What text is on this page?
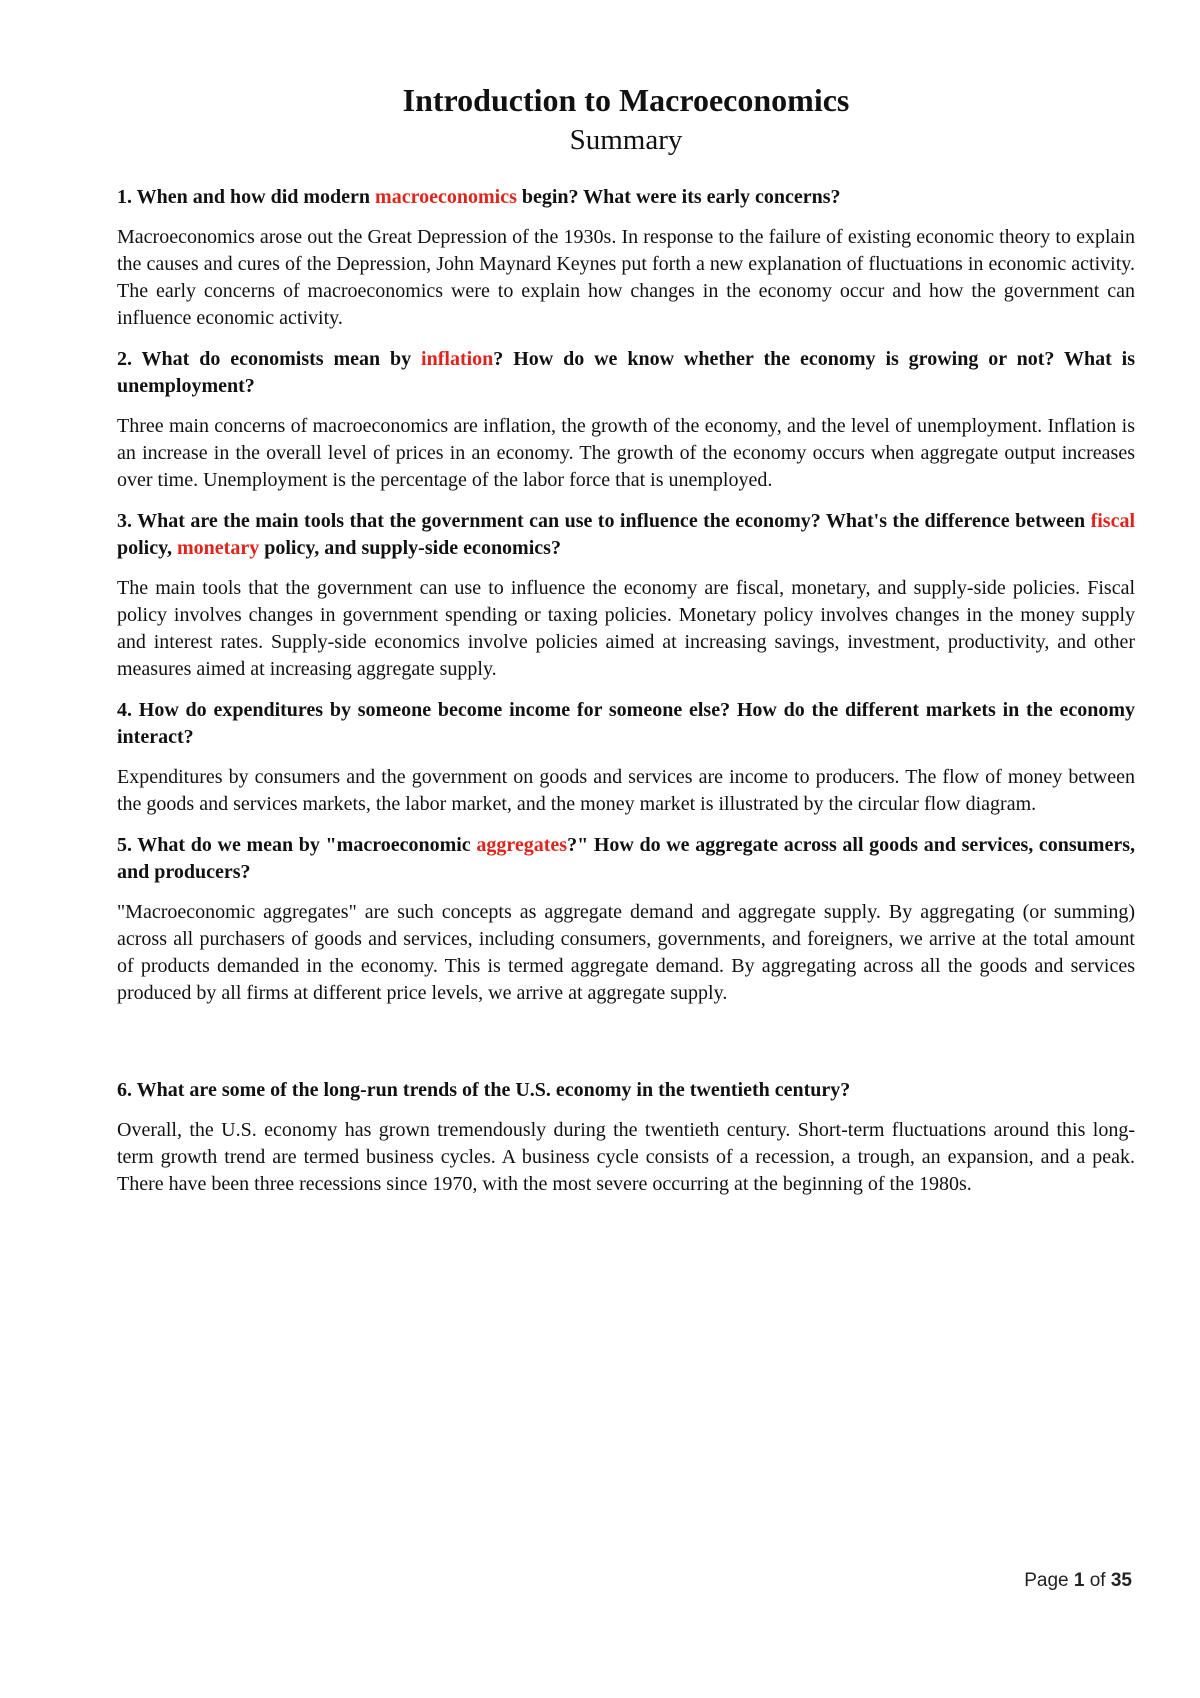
Introduction to Macroeconomics
Summary

1. When and how did modern macroeconomics begin? What were its early concerns?

Macroeconomics arose out the Great Depression of the 1930s. In response to the failure of existing economic theory to explain the causes and cures of the Depression, John Maynard Keynes put forth a new explanation of fluctuations in economic activity. The early concerns of macroeconomics were to explain how changes in the economy occur and how the government can influence economic activity.

2. What do economists mean by inflation? How do we know whether the economy is growing or not? What is unemployment?

Three main concerns of macroeconomics are inflation, the growth of the economy, and the level of unemployment. Inflation is an increase in the overall level of prices in an economy. The growth of the economy occurs when aggregate output increases over time. Unemployment is the percentage of the labor force that is unemployed.

3. What are the main tools that the government can use to influence the economy? What's the difference between fiscal policy, monetary policy, and supply-side economics?

The main tools that the government can use to influence the economy are fiscal, monetary, and supply-side policies. Fiscal policy involves changes in government spending or taxing policies. Monetary policy involves changes in the money supply and interest rates. Supply-side economics involve policies aimed at increasing savings, investment, productivity, and other measures aimed at increasing aggregate supply.

4. How do expenditures by someone become income for someone else? How do the different markets in the economy interact?

Expenditures by consumers and the government on goods and services are income to producers. The flow of money between the goods and services markets, the labor market, and the money market is illustrated by the circular flow diagram.

5. What do we mean by "macroeconomic aggregates?" How do we aggregate across all goods and services, consumers, and producers?

"Macroeconomic aggregates" are such concepts as aggregate demand and aggregate supply. By aggregating (or summing) across all purchasers of goods and services, including consumers, governments, and foreigners, we arrive at the total amount of products demanded in the economy. This is termed aggregate demand. By aggregating across all the goods and services produced by all firms at different price levels, we arrive at aggregate supply.

6. What are some of the long-run trends of the U.S. economy in the twentieth century?

Overall, the U.S. economy has grown tremendously during the twentieth century. Short-term fluctuations around this long-term growth trend are termed business cycles. A business cycle consists of a recession, a trough, an expansion, and a peak. There have been three recessions since 1970, with the most severe occurring at the beginning of the 1980s.

Page 1 of 35
